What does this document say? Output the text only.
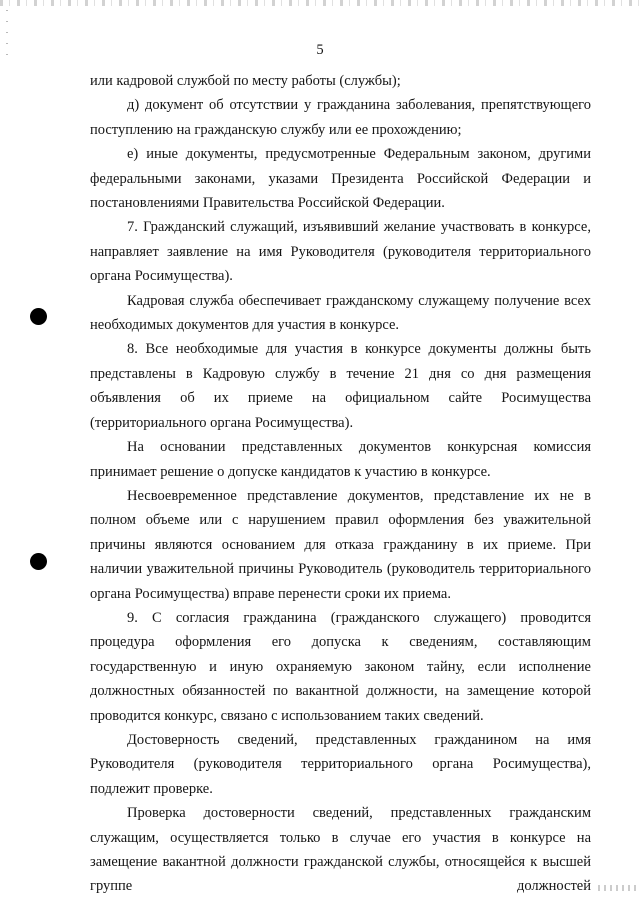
5

или кадровой службой по месту работы (службы);

д) документ об отсутствии у гражданина заболевания, препятствующего поступлению на гражданскую службу или ее прохождению;

е) иные документы, предусмотренные Федеральным законом, другими федеральными законами, указами Президента Российской Федерации и постановлениями Правительства Российской Федерации.

7. Гражданский служащий, изъявивший желание участвовать в конкурсе, направляет заявление на имя Руководителя (руководителя территориального органа Росимущества).

Кадровая служба обеспечивает гражданскому служащему получение всех необходимых документов для участия в конкурсе.

8. Все необходимые для участия в конкурсе документы должны быть представлены в Кадровую службу в течение 21 дня со дня размещения объявления об их приеме на официальном сайте Росимущества (территориального органа Росимущества).

На основании представленных документов конкурсная комиссия принимает решение о допуске кандидатов к участию в конкурсе.

Несвоевременное представление документов, представление их не в полном объеме или с нарушением правил оформления без уважительной причины являются основанием для отказа гражданину в их приеме. При наличии уважительной причины Руководитель (руководитель территориального органа Росимущества) вправе перенести сроки их приема.

9. С согласия гражданина (гражданского служащего) проводится процедура оформления его допуска к сведениям, составляющим государственную и иную охраняемую законом тайну, если исполнение должностных обязанностей по вакантной должности, на замещение которой проводится конкурс, связано с использованием таких сведений.

Достоверность сведений, представленных гражданином на имя Руководителя (руководителя территориального органа Росимущества), подлежит проверке.

Проверка достоверности сведений, представленных гражданским служащим, осуществляется только в случае его участия в конкурсе на замещение вакантной должности гражданской службы, относящейся к высшей группе должностей
